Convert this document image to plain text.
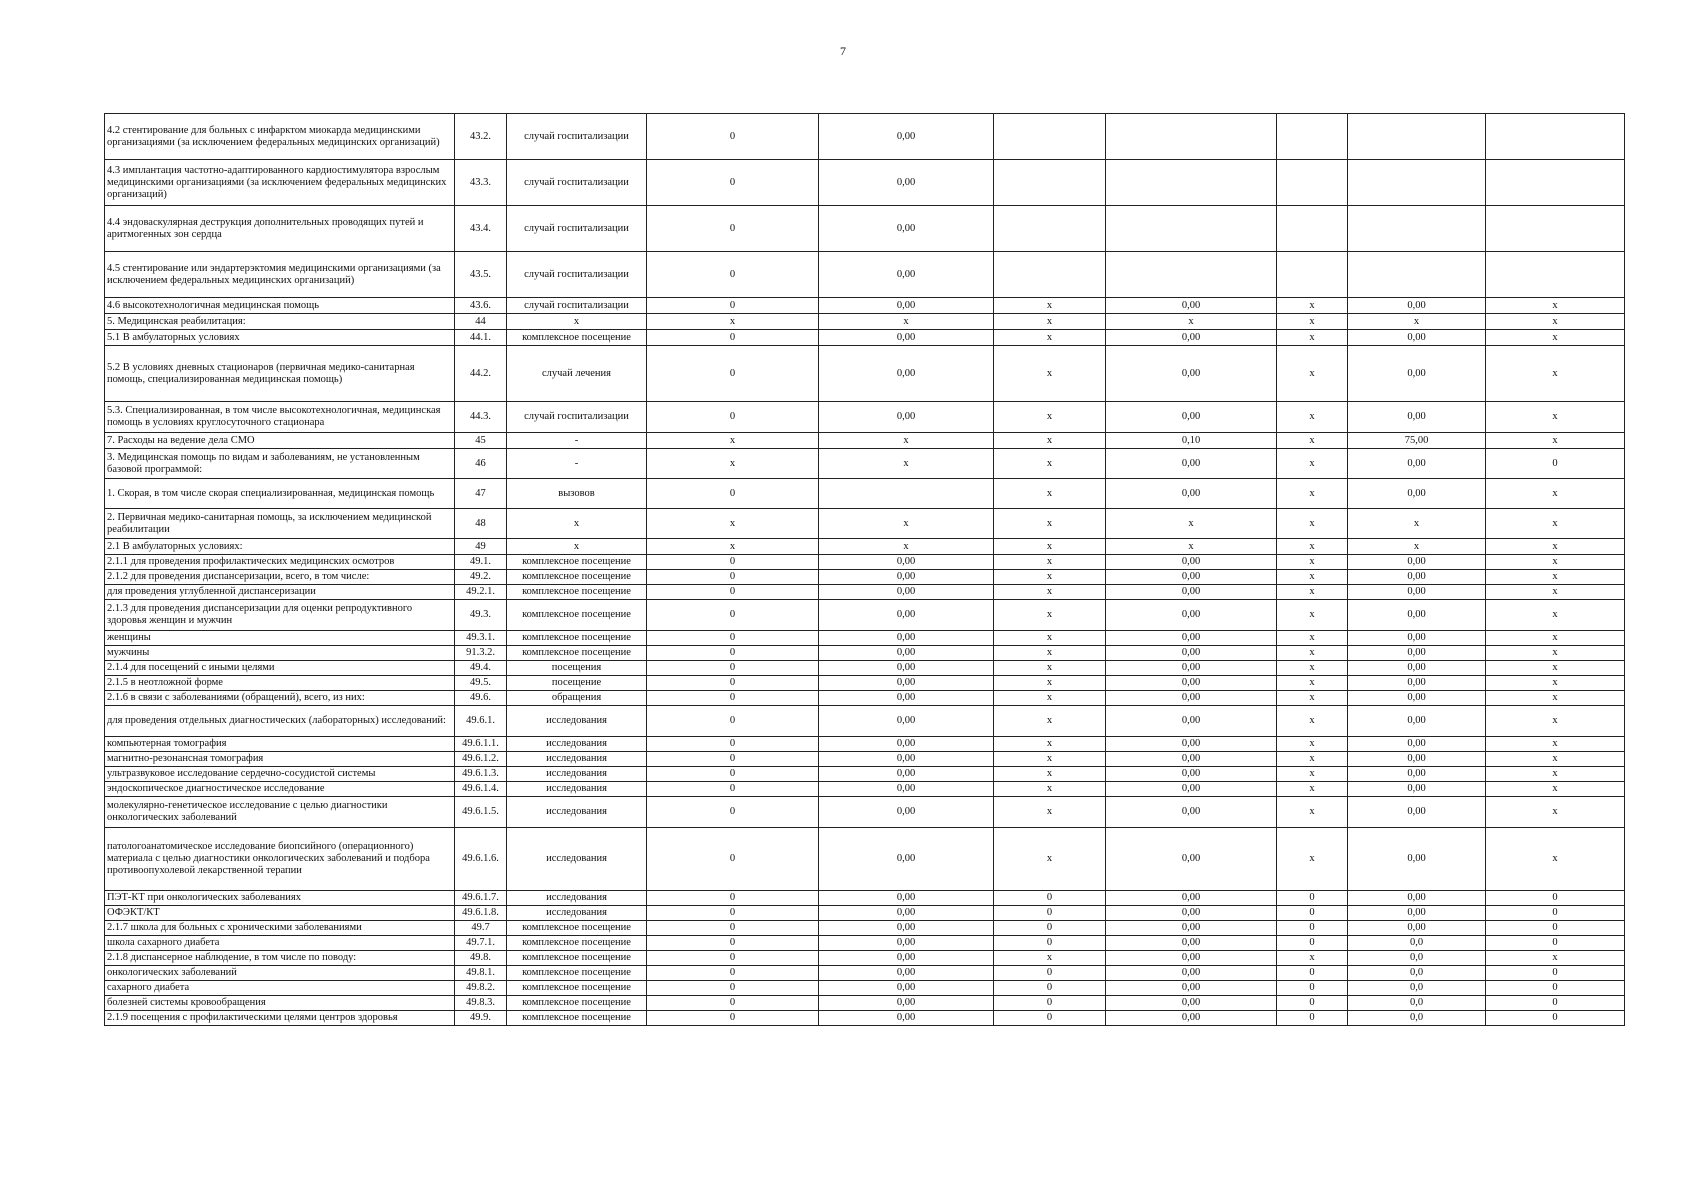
7
4.2 стентирование для больных с инфарктом миокарда медицинскими организациями (за исключением федеральных медицинских организаций)	43.2.	случай госпитализации	0	0,00					
4.3 имплантация частотно-адаптированного кардиостимулятора взрослым медицинскими организациями (за исключением федеральных медицинских организаций)	43.3.	случай госпитализации	0	0,00					
4.4 эндоваскулярная деструкция дополнительных проводящих путей и аритмогенных зон сердца	43.4.	случай госпитализации	0	0,00					
4.5 стентирование или эндартерэктомия медицинскими организациями (за исключением федеральных медицинских организаций)	43.5.	случай госпитализации	0	0,00					
4.6 высокотехнологичная медицинская помощь	43.6.	случай госпитализации	0	0,00	x	0,00	x	0,00	x
5. Медицинская реабилитация:	44	x	x	x	x	x	x	x	x
5.1 В амбулаторных условиях	44.1.	комплексное посещение	0	0,00	x	0,00	x	0,00	x
5.2 В условиях дневных стационаров (первичная медико-санитарная помощь, специализированная медицинская помощь)	44.2.	случай лечения	0	0,00	x	0,00	x	0,00	x
5.3. Специализированная, в том числе высокотехнологичная, медицинская помощь в условиях круглосуточного стационара	44.3.	случай госпитализации	0	0,00	x	0,00	x	0,00	x
7. Расходы на ведение дела СМО	45	-	x	x	x	0,10	x	75,00	x
3. Медицинская помощь по видам и заболеваниям, не установленным базовой программой:	46	-	x	x	x	0,00	x	0,00	0
1. Скорая, в том числе скорая специализированная, медицинская помощь	47	вызовов	0		x	0,00	x	0,00	x
2. Первичная медико-санитарная помощь, за исключением медицинской реабилитации	48	x	x	x	x	x	x	x	x
2.1 В амбулаторных условиях:	49	x	x	x	x	x	x	x	x
2.1.1 для проведения профилактических медицинских осмотров	49.1.	комплексное посещение	0	0,00	x	0,00	x	0,00	x
2.1.2 для проведения диспансеризации, всего, в том числе:	49.2.	комплексное посещение	0	0,00	x	0,00	x	0,00	x
для проведения углубленной диспансеризации	49.2.1.	комплексное посещение	0	0,00	x	0,00	x	0,00	x
2.1.3 для проведения диспансеризации для оценки репродуктивного здоровья женщин и мужчин	49.3.	комплексное посещение	0	0,00	x	0,00	x	0,00	x
женщины	49.3.1.	комплексное посещение	0	0,00	x	0,00	x	0,00	x
мужчины	91.3.2.	комплексное посещение	0	0,00	x	0,00	x	0,00	x
2.1.4 для посещений с иными целями	49.4.	посещения	0	0,00	x	0,00	x	0,00	x
2.1.5 в неотложной форме	49.5.	посещение	0	0,00	x	0,00	x	0,00	x
2.1.6 в связи с заболеваниями (обращений), всего, из них:	49.6.	обращения	0	0,00	x	0,00	x	0,00	x
для проведения отдельных диагностических (лабораторных) исследований:	49.6.1.	исследования	0	0,00	x	0,00	x	0,00	x
компьютерная томография	49.6.1.1.	исследования	0	0,00	x	0,00	x	0,00	x
магнитно-резонансная томография	49.6.1.2.	исследования	0	0,00	x	0,00	x	0,00	x
ультразвуковое исследование сердечно-сосудистой системы	49.6.1.3.	исследования	0	0,00	x	0,00	x	0,00	x
эндоскопическое диагностическое исследование	49.6.1.4.	исследования	0	0,00	x	0,00	x	0,00	x
молекулярно-генетическое исследование с целью диагностики онкологических заболеваний	49.6.1.5.	исследования	0	0,00	x	0,00	x	0,00	x
патологоанатомическое исследование биопсийного (операционного) материала с целью диагностики онкологических заболеваний и подбора противоопухолевой лекарственной терапии	49.6.1.6.	исследования	0	0,00	x	0,00	x	0,00	x
ПЭТ-КТ при онкологических заболеваниях	49.6.1.7.	исследования	0	0,00	0	0,00	0	0,00	0
ОФЭКТ/КТ	49.6.1.8.	исследования	0	0,00	0	0,00	0	0,00	0
2.1.7 школа для больных с хроническими заболеваниями	49.7	комплексное посещение	0	0,00	0	0,00	0	0,00	0
школа сахарного диабета	49.7.1.	комплексное посещение	0	0,00	0	0,00	0	0,0	0
2.1.8 диспансерное наблюдение, в том числе по поводу:	49.8.	комплексное посещение	0	0,00	x	0,00	x	0,0	x
онкологических заболеваний	49.8.1.	комплексное посещение	0	0,00	0	0,00	0	0,0	0
сахарного диабета	49.8.2.	комплексное посещение	0	0,00	0	0,00	0	0,0	0
болезней системы кровообращения	49.8.3.	комплексное посещение	0	0,00	0	0,00	0	0,0	0
2.1.9 посещения с профилактическими целями центров здоровья	49.9.	комплексное посещение	0	0,00	0	0,00	0	0,0	0
